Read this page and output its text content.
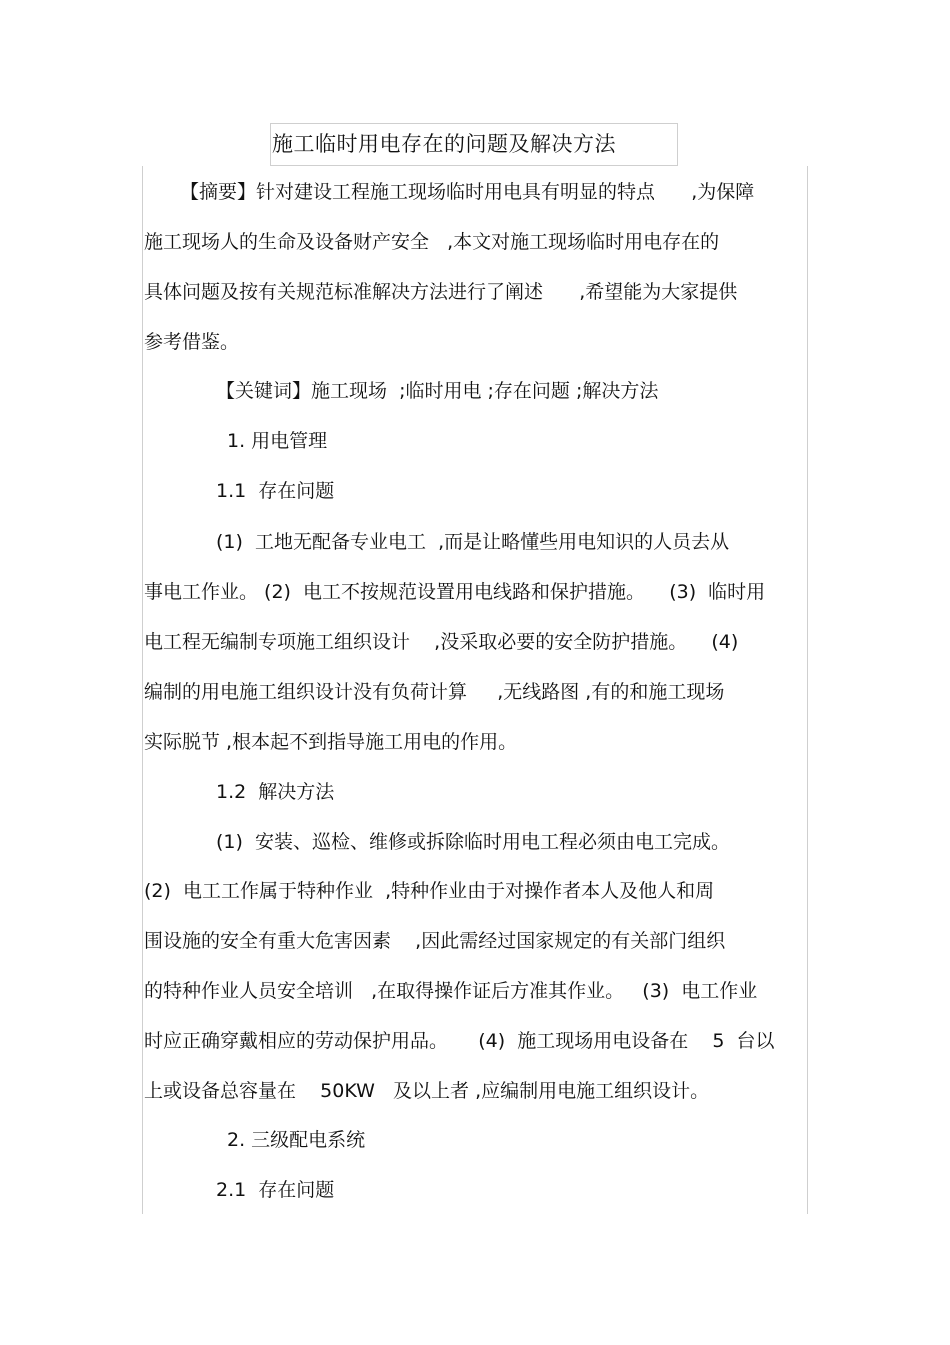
施工临时用电存在的问题及解决方法
【摘要】针对建设工程施工现场临时用电具有明显的特点      ,为保障
施工现场人的生命及设备财产安全   ,本文对施工现场临时用电存在的
具体问题及按有关规范标准解决方法进行了阐述      ,希望能为大家提供
参考借鉴。
【关键词】施工现场  ;临时用电 ;存在问题 ;解决方法
1. 用电管理
1.1  存在问题
(1)  工地无配备专业电工  ,而是让略懂些用电知识的人员去从
事电工作业。 (2)  电工不按规范设置用电线路和保护措施。    (3)  临时用
电工程无编制专项施工组织设计    ,没采取必要的安全防护措施。    (4)
编制的用电施工组织设计没有负荷计算     ,无线路图 ,有的和施工现场
实际脱节 ,根本起不到指导施工用电的作用。
1.2  解决方法
(1)  安装、巡检、维修或拆除临时用电工程必须由电工完成。
(2)  电工工作属于特种作业  ,特种作业由于对操作者本人及他人和周
围设施的安全有重大危害因素    ,因此需经过国家规定的有关部门组织
的特种作业人员安全培训   ,在取得操作证后方准其作业。   (3)  电工作业
时应正确穿戴相应的劳动保护用品。     (4)  施工现场用电设备在    5  台以
上或设备总容量在    50KW   及以上者 ,应编制用电施工组织设计。
2. 三级配电系统
2.1  存在问题
